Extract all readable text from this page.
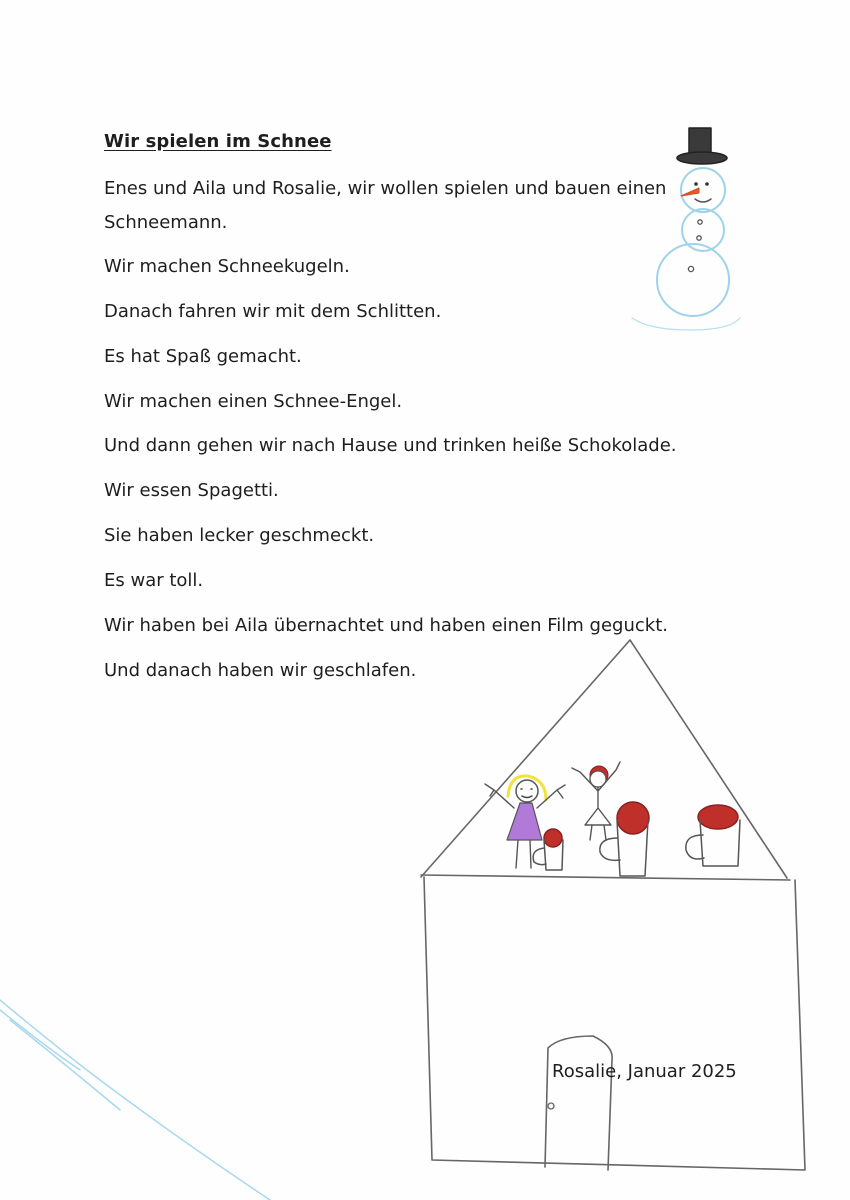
Wir spielen im Schnee

Enes und Aila und Rosalie, wir wollen spielen und bauen einen

Schneemann.

Wir machen Schneekugeln.

Danach fahren wir mit dem Schlitten.

Es hat Spaß gemacht.

Wir machen einen Schnee-Engel.

Und dann gehen wir nach Hause und trinken heiße Schokolade.

Wir essen Spagetti.

Sie haben lecker geschmeckt.

Es war toll.

Wir haben bei Aila übernachtet und haben einen Film geguckt.

Und danach haben wir geschlafen.

Rosalie, Januar 2025
